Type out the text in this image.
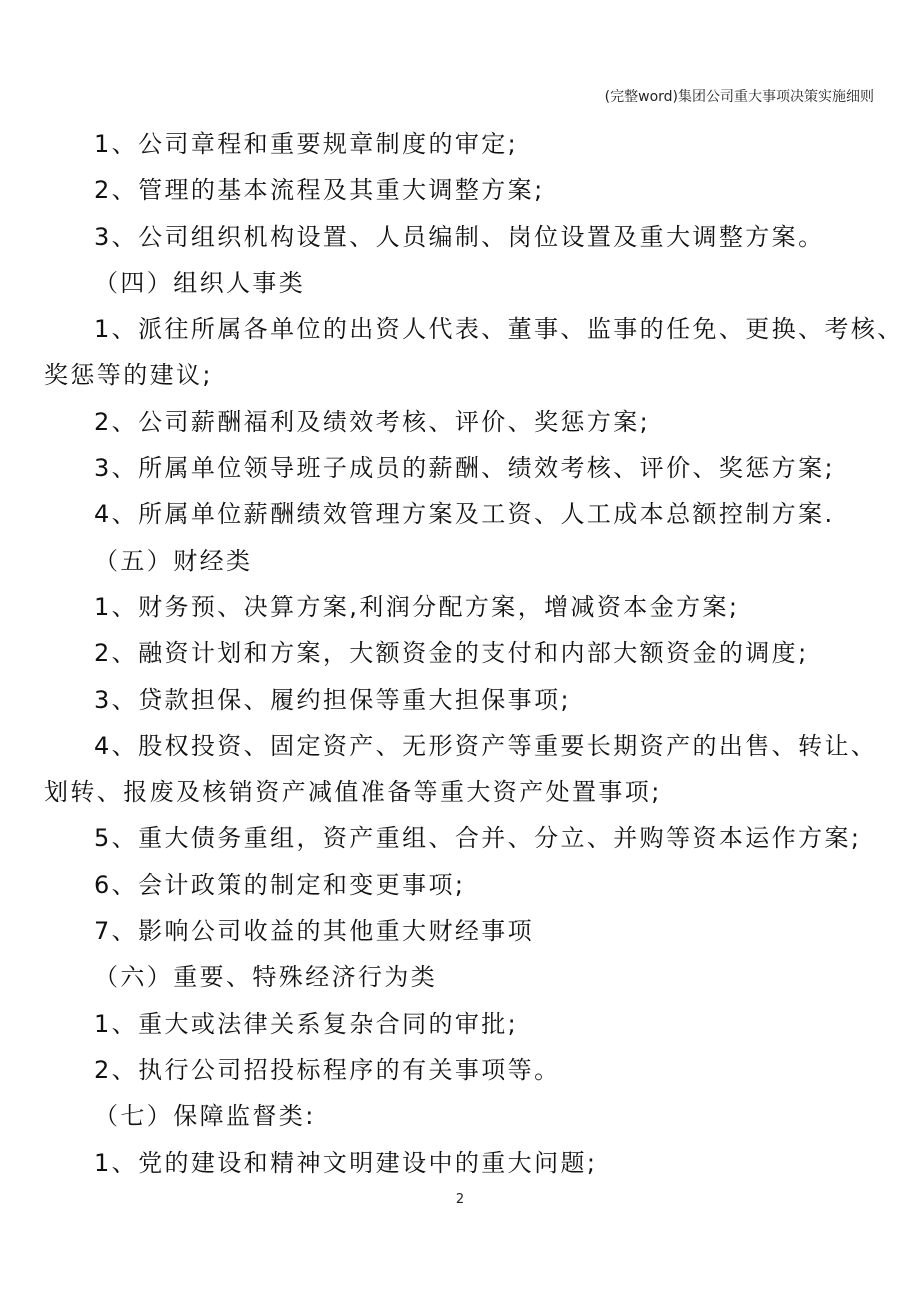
(完整word)集团公司重大事项决策实施细则
1、公司章程和重要规章制度的审定;
2、管理的基本流程及其重大调整方案;
3、公司组织机构设置、人员编制、岗位设置及重大调整方案。
（四）组织人事类
1、派往所属各单位的出资人代表、董事、监事的任免、更换、考核、
奖惩等的建议;
2、公司薪酬福利及绩效考核、评价、奖惩方案;
3、所属单位领导班子成员的薪酬、绩效考核、评价、奖惩方案;
4、所属单位薪酬绩效管理方案及工资、人工成本总额控制方案.
（五）财经类
1、财务预、决算方案,利润分配方案，增减资本金方案;
2、融资计划和方案，大额资金的支付和内部大额资金的调度;
3、贷款担保、履约担保等重大担保事项;
4、股权投资、固定资产、无形资产等重要长期资产的出售、转让、
划转、报废及核销资产减值准备等重大资产处置事项;
5、重大债务重组，资产重组、合并、分立、并购等资本运作方案;
6、会计政策的制定和变更事项;
7、影响公司收益的其他重大财经事项
（六）重要、特殊经济行为类
1、重大或法律关系复杂合同的审批;
2、执行公司招投标程序的有关事项等。
（七）保障监督类:
1、党的建设和精神文明建设中的重大问题;
2
